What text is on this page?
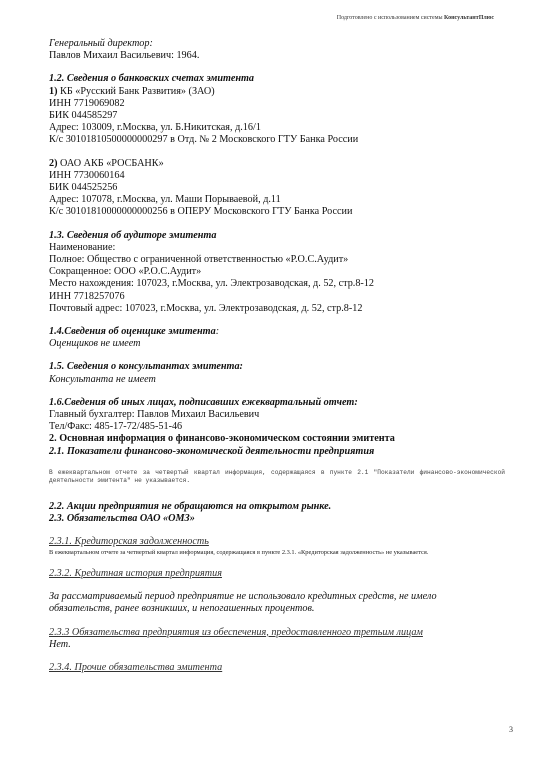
Подготовлено с использованием системы КонсультантПлюс
Генеральный директор:
Павлов Михаил Васильевич: 1964.
1.2. Сведения о банковских счетах эмитента
1) КБ «Русский Банк Развития» (ЗАО)
ИНН 7719069082
БИК 044585297
Адрес: 103009, г.Москва, ул. Б.Никитская, д.16/1
К/с 30101810500000000297 в Отд. № 2 Московского ГТУ Банка России
2) ОАО АКБ «РОСБАНК»
ИНН 7730060164
БИК 044525256
Адрес: 107078, г.Москва, ул. Маши Порываевой, д.11
К/с 30101810000000000256 в ОПЕРУ Московского ГТУ Банка России
1.3. Сведения об аудиторе эмитента
Наименование:
Полное: Общество с ограниченной ответственностью «Р.О.С.Аудит»
Сокращенное: ООО «Р.О.С.Аудит»
Место нахождения: 107023, г.Москва, ул. Электрозаводская, д. 52, стр.8-12
ИНН 7718257076
Почтовый адрес: 107023, г.Москва, ул. Электрозаводская, д. 52, стр.8-12
1.4.Сведения об оценщике эмитента:
Оценщиков не имеет
1.5. Сведения о консультантах эмитента:
Консультанта не имеет
1.6.Сведения об иных лицах, подписавших ежеквартальный отчет:
Главный бухгалтер: Павлов Михаил Васильевич
Тел/Факс: 485-17-72/485-51-46
2. Основная информация о финансово-экономическом состоянии эмитента
2.1. Показатели финансово-экономической деятельности предприятия
В ежеквартальном отчете за четвертый квартал информация, содержащаяся в пункте 2.1 "Показатели финансово-экономической деятельности эмитента" не указывается.
2.2. Акции предприятия не обращаются на открытом рынке.
2.3. Обязательства ОАО «ОМЗ»
2.3.1. Кредиторская задолженность
В ежеквартальном отчете за четвертый квартал информация, содержащаяся в пункте 2.3.1. «Кредиторская задолженность» не указывается.
2.3.2. Кредитная история предприятия
За рассматриваемый период предприятие не использовало кредитных средств, не имело
обязательств, ранее возникших, и непогашенных процентов.
2.3.3 Обязательства предприятия из обеспечения, предоставленного третьим лицам
Нет.
2.3.4. Прочие обязательства эмитента
3
